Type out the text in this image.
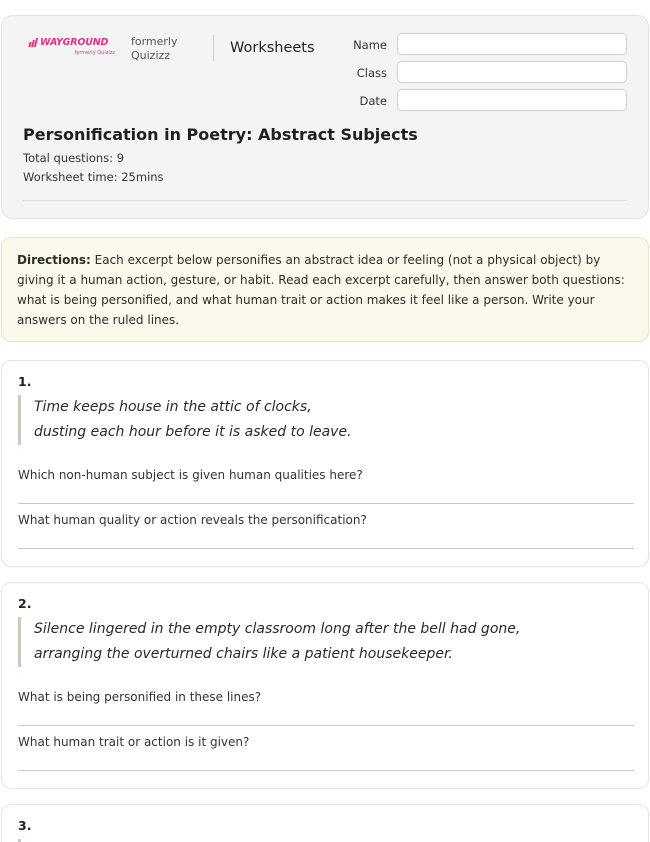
WAYGROUND
formerly Quizizz
formerly
Quizizz	Worksheets	Name
Class
Date
Personification in Poetry: Abstract Subjects
Total questions: 9
Worksheet time: 25mins
Directions: Each excerpt below personifies an abstract idea or feeling (not a physical object) by giving it a human action, gesture, or habit. Read each excerpt carefully, then answer both questions: what is being personified, and what human trait or action makes it feel like a person. Write your answers on the ruled lines.
1.

Time keeps house in the attic of clocks,

dusting each hour before it is asked to leave.

Which non-human subject is given human qualities here?
What human quality or action reveals the personification?
2.

Silence lingered in the empty classroom long after the bell had gone,

arranging the overturned chairs like a patient housekeeper.

What is being personified in these lines?
What human trait or action is it given?
3.
